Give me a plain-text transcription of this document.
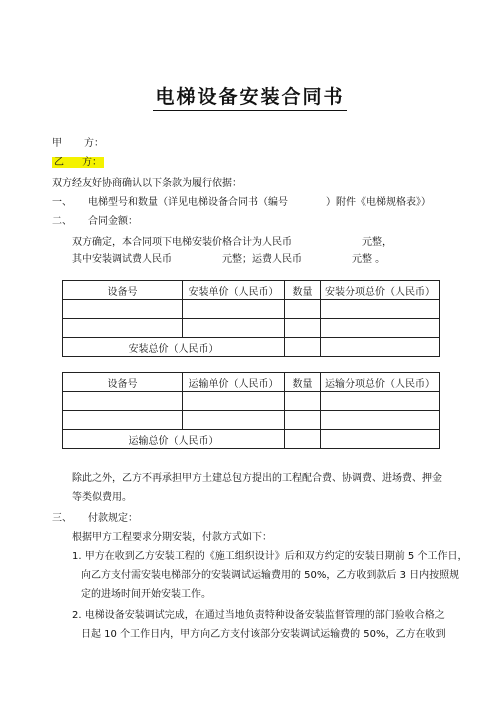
电梯设备安装合同书
甲 方：
乙 方：
双方经友好协商确认以下条款为履行依据：
一、 电梯型号和数量（详见电梯设备合同书（编号	）附件《电梯规格表》）
二、 合同金额：
双方确定，本合同项下电梯安装价格合计为人民币	元整，
其中安装调试费人民币	元整；运费人民币	元整 。
设备号	安装单价（人民币）	数量	安装分项总价（人民币）

安装总价（人民币）			
设备号	运输单价（人民币）	数量	运输分项总价（人民币）

运输总价（人民币）			
除此之外，乙方不再承担甲方土建总包方提出的工程配合费、协调费、进场费、押金
等类似费用。
三、 付款规定：
根据甲方工程要求分期安装，付款方式如下：
1. 甲方在收到乙方安装工程的《施工组织设计》后和双方约定的安装日期前 5 个工作日，
向乙方支付需安装电梯部分的安装调试运输费用的 50%，乙方收到款后 3 日内按照规
定的进场时间开始安装工作。
2. 电梯设备安装调试完成，在通过当地负责特种设备安装监督管理的部门验收合格之
日起 10 个工作日内，甲方向乙方支付该部分安装调试运输费的 50%，乙方在收到
